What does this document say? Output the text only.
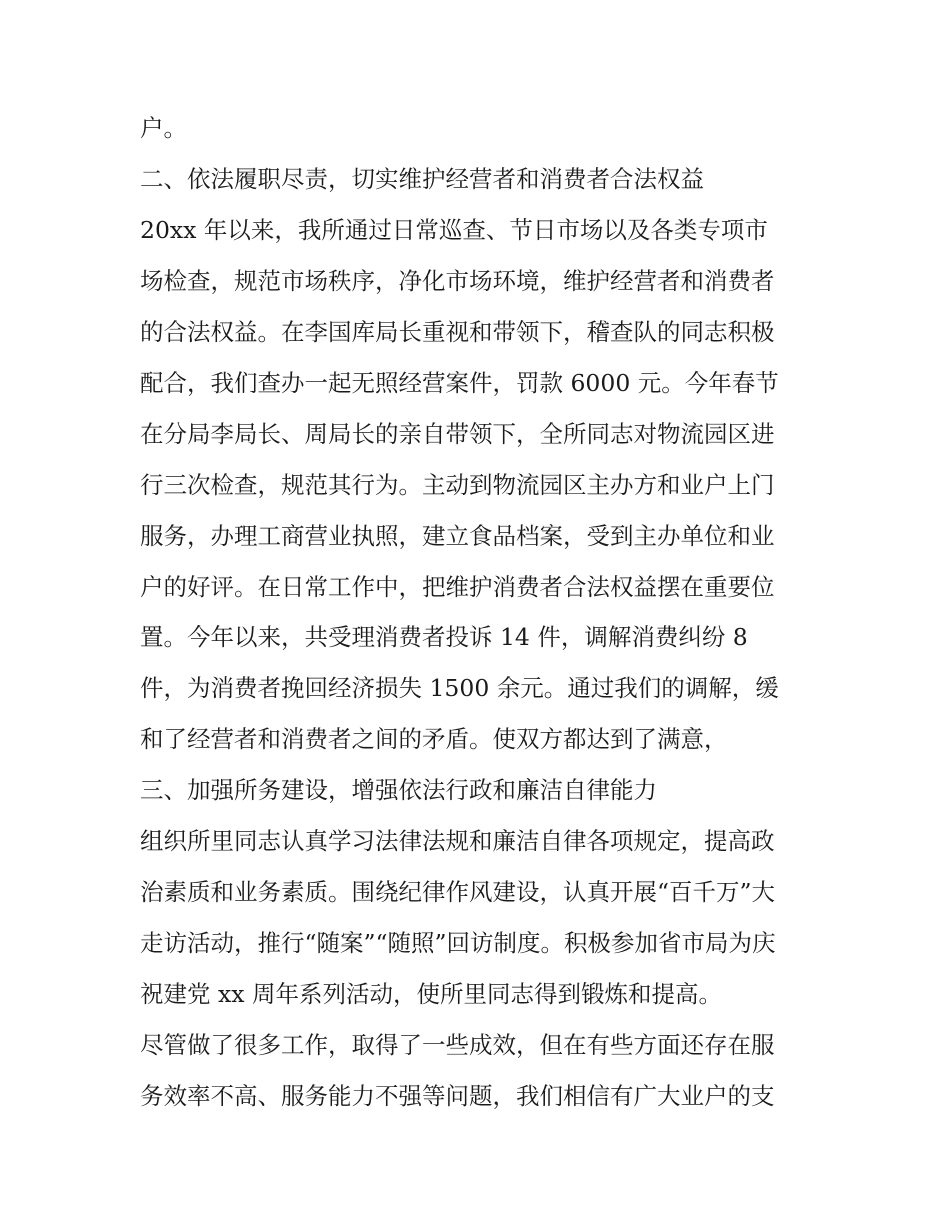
户。

二、依法履职尽责，切实维护经营者和消费者合法权益

20xx 年以来，我所通过日常巡查、节日市场以及各类专项市

场检查，规范市场秩序，净化市场环境，维护经营者和消费者

的合法权益。在李国库局长重视和带领下，稽查队的同志积极

配合，我们查办一起无照经营案件，罚款 6000 元。今年春节

在分局李局长、周局长的亲自带领下，全所同志对物流园区进

行三次检查，规范其行为。主动到物流园区主办方和业户上门

服务，办理工商营业执照，建立食品档案，受到主办单位和业

户的好评。在日常工作中，把维护消费者合法权益摆在重要位

置。今年以来，共受理消费者投诉 14 件，调解消费纠纷 8

件，为消费者挽回经济损失 1500 余元。通过我们的调解，缓

和了经营者和消费者之间的矛盾。使双方都达到了满意，

三、加强所务建设，增强依法行政和廉洁自律能力

组织所里同志认真学习法律法规和廉洁自律各项规定，提高政

治素质和业务素质。围绕纪律作风建设，认真开展“百千万”大

走访活动，推行“随案”“随照”回访制度。积极参加省市局为庆

祝建党 xx 周年系列活动，使所里同志得到锻炼和提高。

尽管做了很多工作，取得了一些成效，但在有些方面还存在服

务效率不高、服务能力不强等问题，我们相信有广大业户的支
